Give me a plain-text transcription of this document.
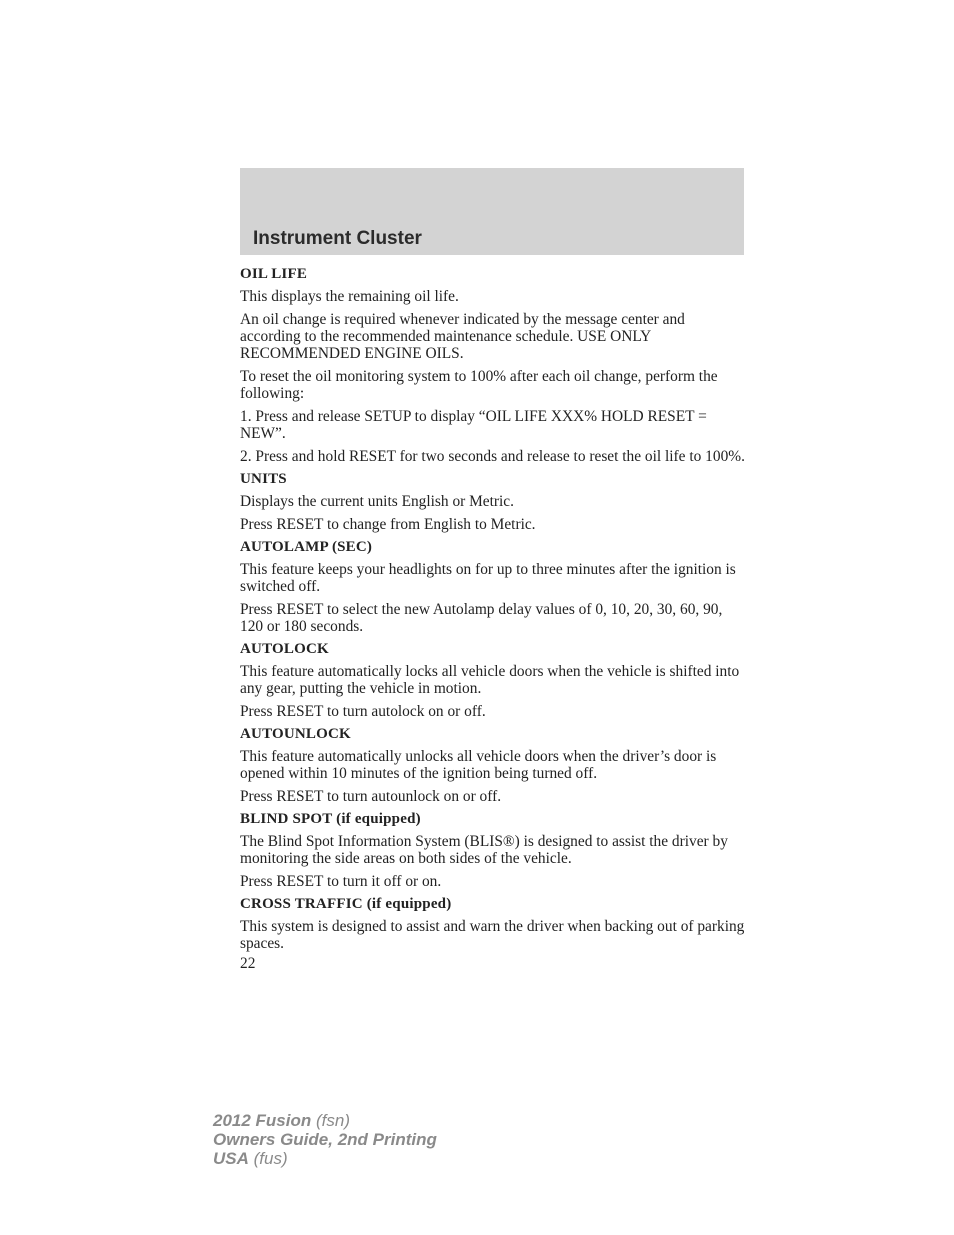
Instrument Cluster
OIL LIFE

This displays the remaining oil life.

An oil change is required whenever indicated by the message center and according to the recommended maintenance schedule. USE ONLY RECOMMENDED ENGINE OILS.

To reset the oil monitoring system to 100% after each oil change, perform the following:

1. Press and release SETUP to display “OIL LIFE XXX% HOLD RESET = NEW”.

2. Press and hold RESET for two seconds and release to reset the oil life to 100%.

UNITS

Displays the current units English or Metric.

Press RESET to change from English to Metric.

AUTOLAMP (SEC)

This feature keeps your headlights on for up to three minutes after the ignition is switched off.

Press RESET to select the new Autolamp delay values of 0, 10, 20, 30, 60, 90, 120 or 180 seconds.

AUTOLOCK

This feature automatically locks all vehicle doors when the vehicle is shifted into any gear, putting the vehicle in motion.

Press RESET to turn autolock on or off.

AUTOUNLOCK

This feature automatically unlocks all vehicle doors when the driver’s door is opened within 10 minutes of the ignition being turned off.

Press RESET to turn autounlock on or off.

BLIND SPOT (if equipped)

The Blind Spot Information System (BLIS®) is designed to assist the driver by monitoring the side areas on both sides of the vehicle.

Press RESET to turn it off or on.

CROSS TRAFFIC (if equipped)

This system is designed to assist and warn the driver when backing out of parking spaces.

22
2012 Fusion (fsn)
Owners Guide, 2nd Printing
USA (fus)
